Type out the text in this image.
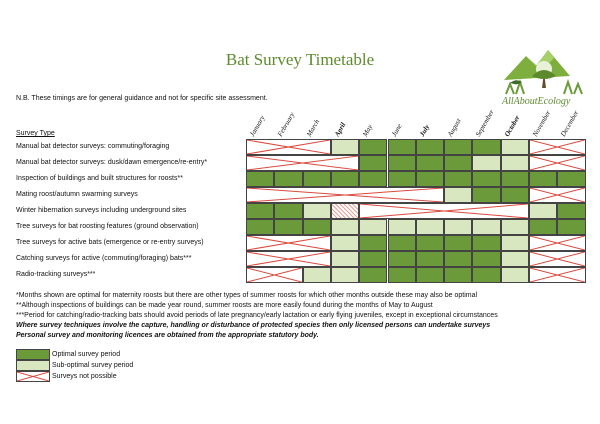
Bat Survey Timetable
AllAboutEcology
N.B. These timings are for general guidance and not for specific site assessment.
January February March April May June July August September October November December
Survey Type
Manual bat detector surveys: commuting/foraging
Manual bat detector surveys: dusk/dawn emergence/re-entry*
Inspection of buildings and built structures for roosts**
Mating roost/autumn swarming surveys
Winter hibernation surveys including underground sites
Tree surveys for bat roosting features (ground observation)
Tree surveys for active bats (emergence or re-entry surveys)
Catching surveys for active (commuting/foraging) bats***
Radio-tracking surveys***
*Months shown are optimal for maternity roosts but there are other types of summer roosts for which other months outside these may also be optimal
**Although inspections of buildings can be made year round, summer roosts are more easily found during the months of May to August
***Period for catching/radio-tracking bats should avoid periods of late pregnancy/early lactation or early flying juveniles, except in exceptional circumstances
Where survey techniques involve the capture, handling or disturbance of protected species then only licensed persons can undertake surveys
Personal survey and monitoring licences are obtained from the appropriate statutory body.
Optimal survey period
Sub-optimal survey period
Surveys not possible
